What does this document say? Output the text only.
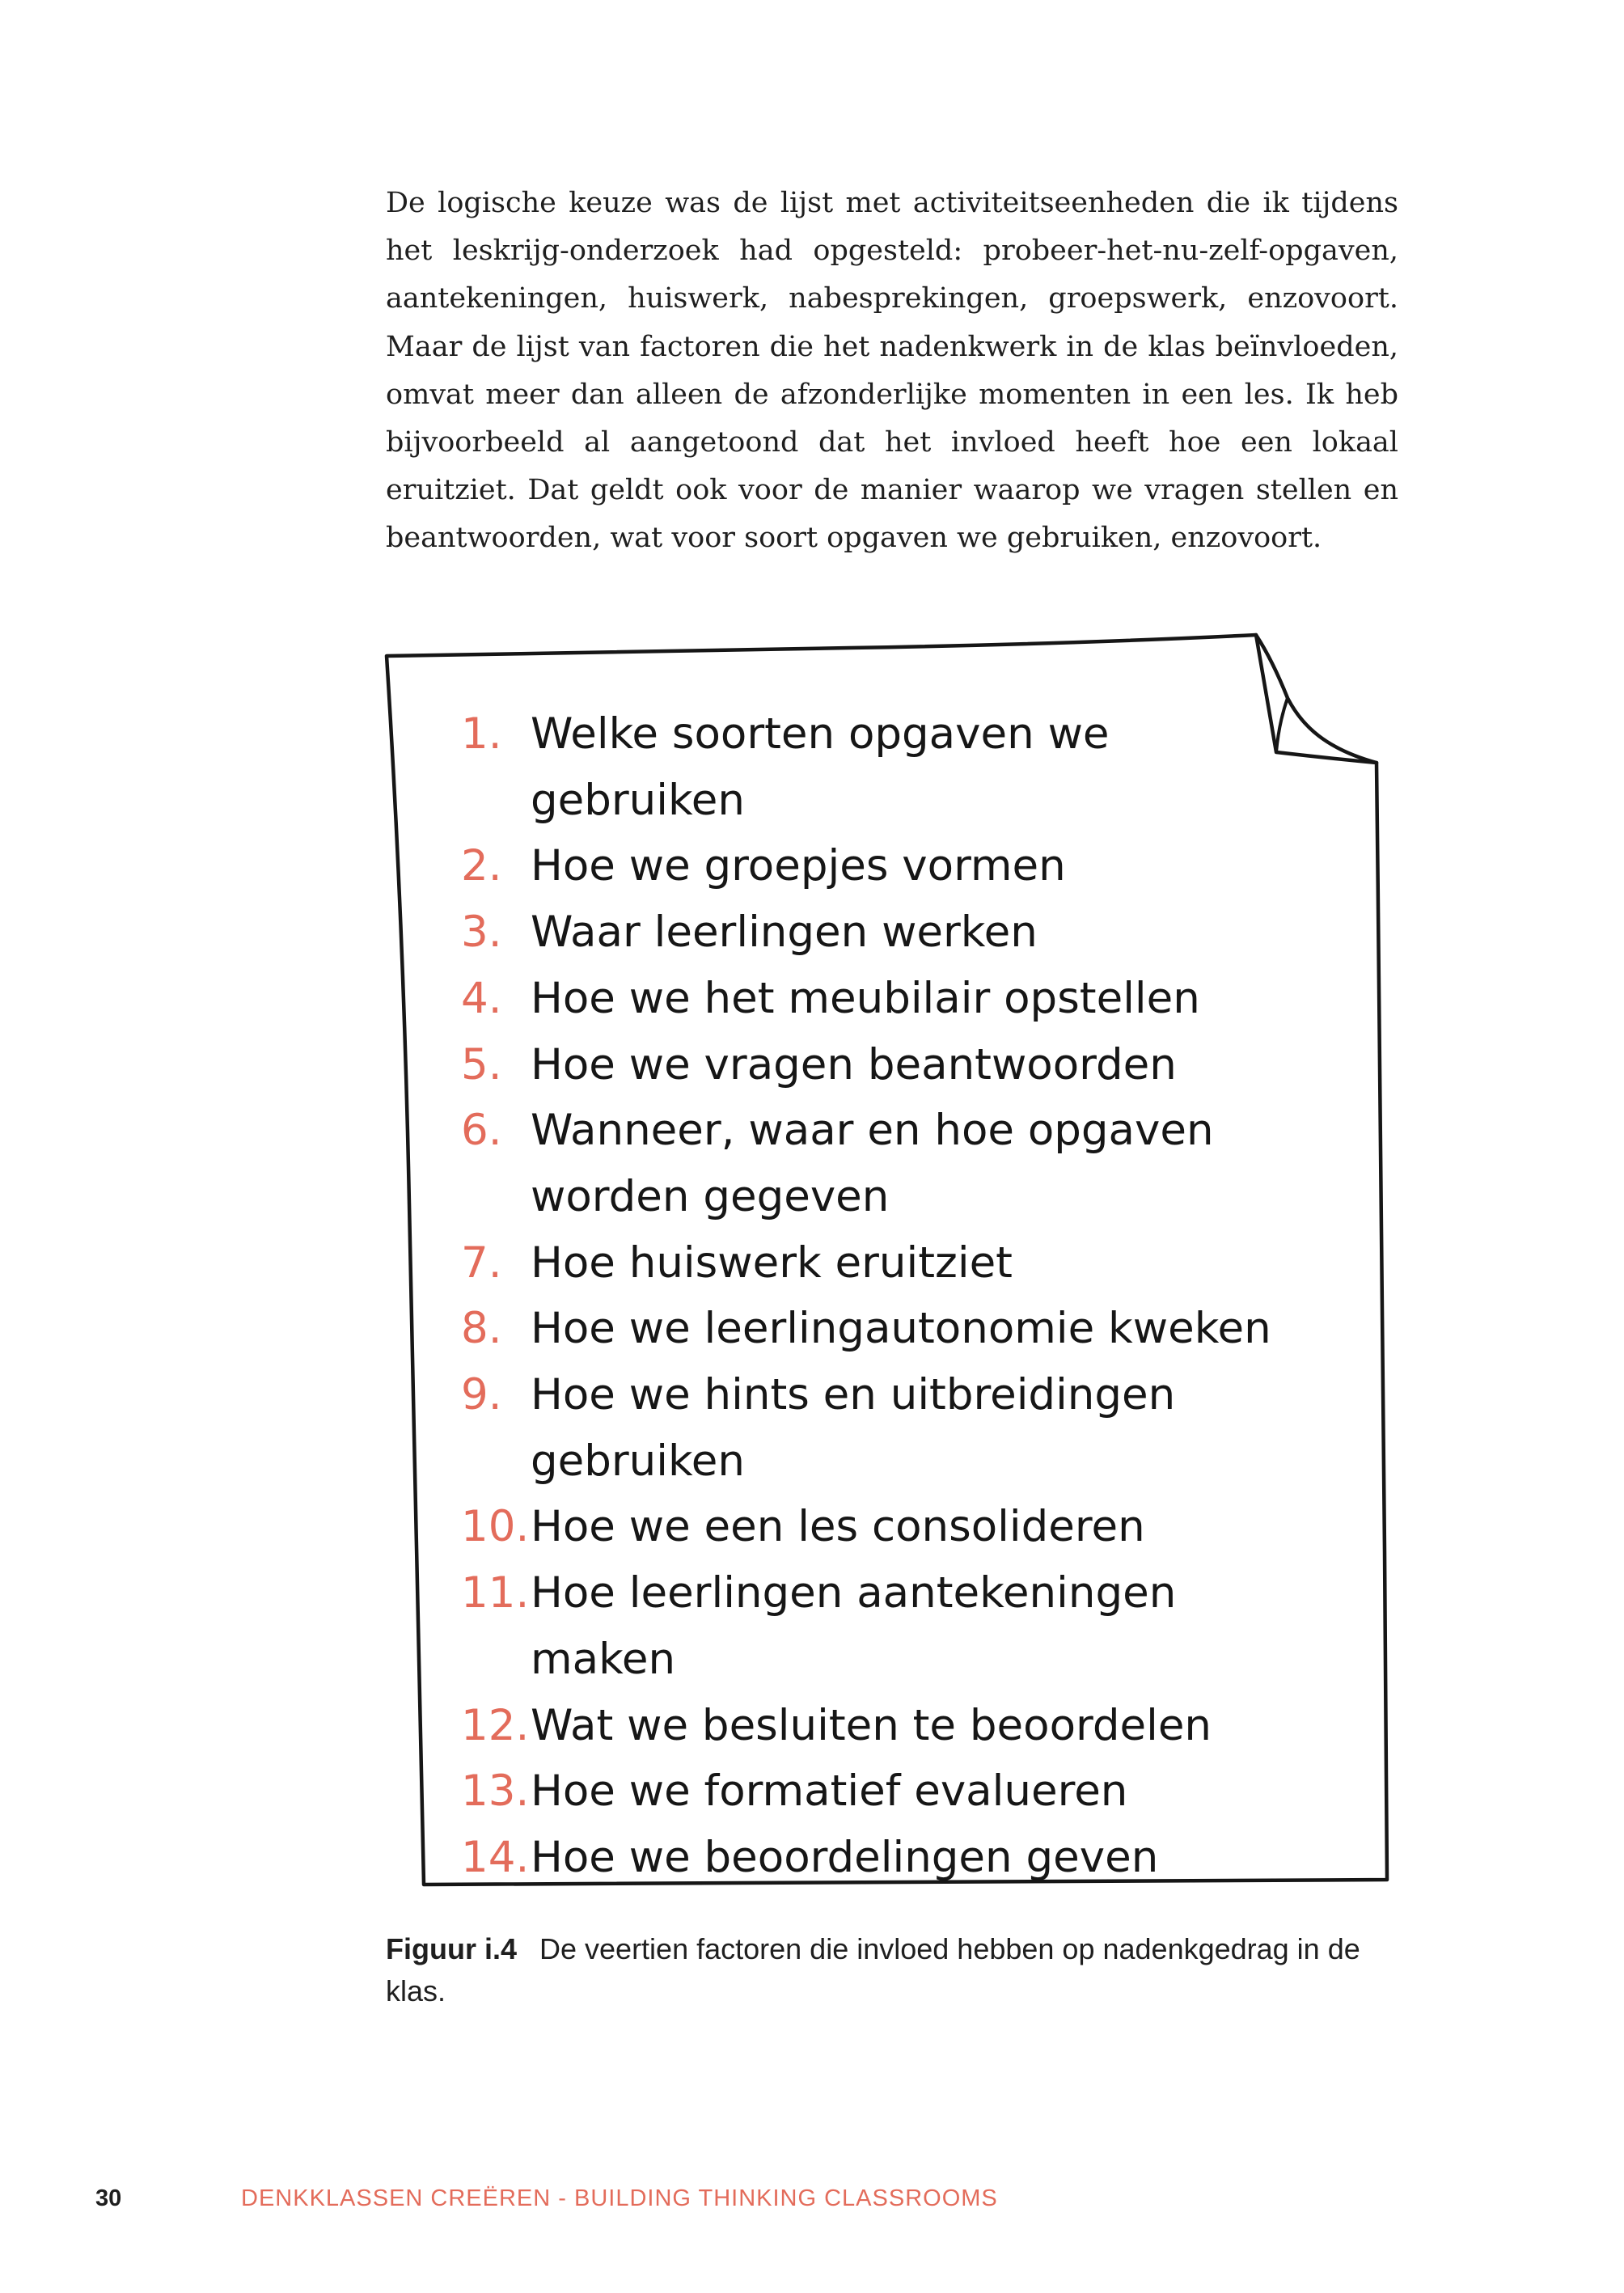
De logische keuze was de lijst met activiteitseenheden die ik tijdens het leskrijg-onderzoek had opgesteld: probeer-het-nu-zelf-opgaven, aantekeningen, huiswerk, nabesprekingen, groepswerk, enzovoort. Maar de lijst van factoren die het nadenkwerk in de klas beïnvloeden, omvat meer dan alleen de afzonderlijke momenten in een les. Ik heb bijvoorbeeld al aangetoond dat het invloed heeft hoe een lokaal eruitziet. Dat geldt ook voor de manier waarop we vragen stellen en beantwoorden, wat voor soort opgaven we gebruiken, enzovoort.

1. Welke soorten opgaven we gebruiken
2. Hoe we groepjes vormen
3. Waar leerlingen werken
4. Hoe we het meubilair opstellen
5. Hoe we vragen beantwoorden
6. Wanneer, waar en hoe opgaven worden gegeven
7. Hoe huiswerk eruitziet
8. Hoe we leerlingautonomie kweken
9. Hoe we hints en uitbreidingen gebruiken
10. Hoe we een les consolideren
11. Hoe leerlingen aantekeningen maken
12. Wat we besluiten te beoordelen
13. Hoe we formatief evalueren
14. Hoe we beoordelingen geven

Figuur i.4 De veertien factoren die invloed hebben op nadenkgedrag in de klas.

30	DENKKLASSEN CREËREN - BUILDING THINKING CLASSROOMS
